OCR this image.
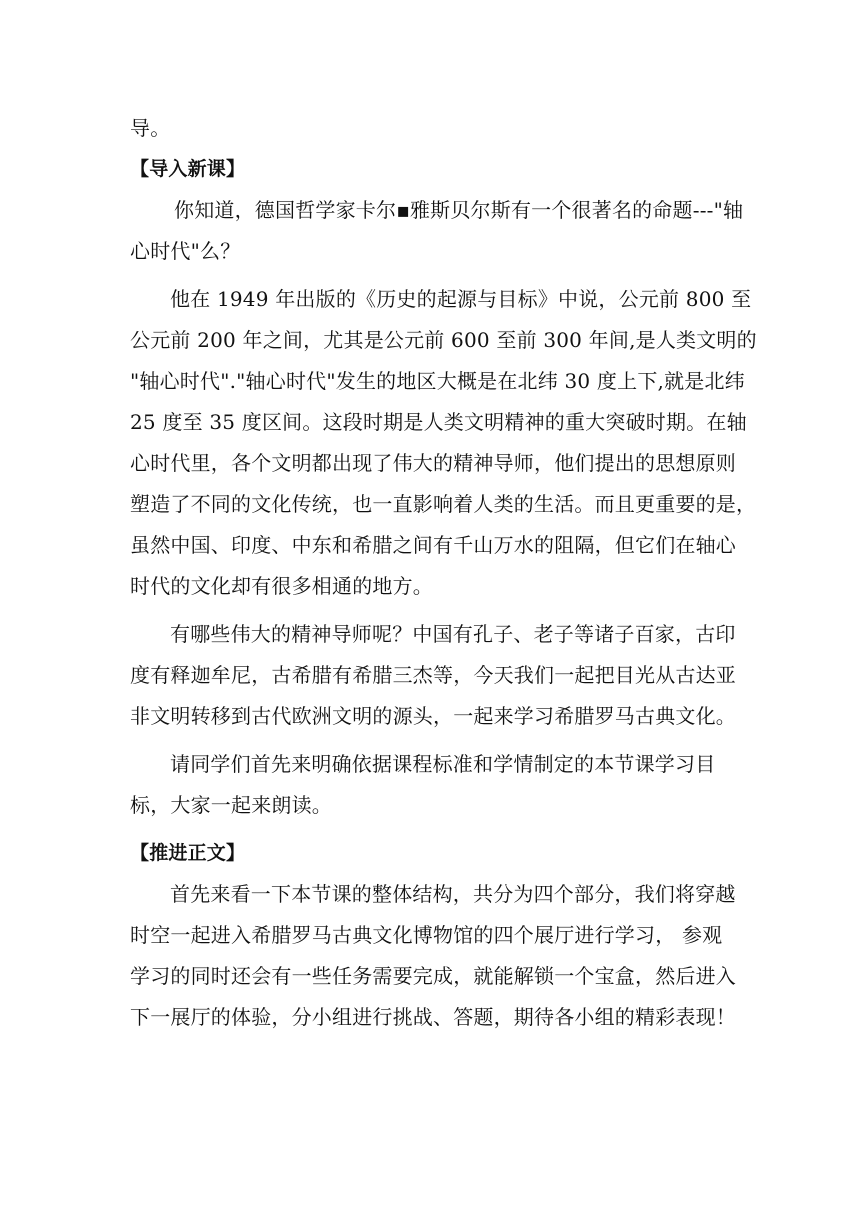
导。
【导入新课】
你知道，德国哲学家卡尔▪雅斯贝尔斯有一个很著名的命题---"轴
心时代"么？
他在 1949 年出版的《历史的起源与目标》中说，公元前 800 至
公元前 200 年之间，尤其是公元前 600 至前 300 年间,是人类文明的
"轴心时代"."轴心时代"发生的地区大概是在北纬 30 度上下,就是北纬
25 度至 35 度区间。这段时期是人类文明精神的重大突破时期。在轴
心时代里，各个文明都出现了伟大的精神导师，他们提出的思想原则
塑造了不同的文化传统，也一直影响着人类的生活。而且更重要的是，
虽然中国、印度、中东和希腊之间有千山万水的阻隔，但它们在轴心
时代的文化却有很多相通的地方。
有哪些伟大的精神导师呢？中国有孔子、老子等诸子百家，古印
度有释迦牟尼，古希腊有希腊三杰等，今天我们一起把目光从古达亚
非文明转移到古代欧洲文明的源头，一起来学习希腊罗马古典文化。
请同学们首先来明确依据课程标准和学情制定的本节课学习目
标，大家一起来朗读。
【推进正文】
首先来看一下本节课的整体结构，共分为四个部分，我们将穿越
时空一起进入希腊罗马古典文化博物馆的四个展厅进行学习， 参观
学习的同时还会有一些任务需要完成，就能解锁一个宝盒，然后进入
下一展厅的体验，分小组进行挑战、答题，期待各小组的精彩表现！
